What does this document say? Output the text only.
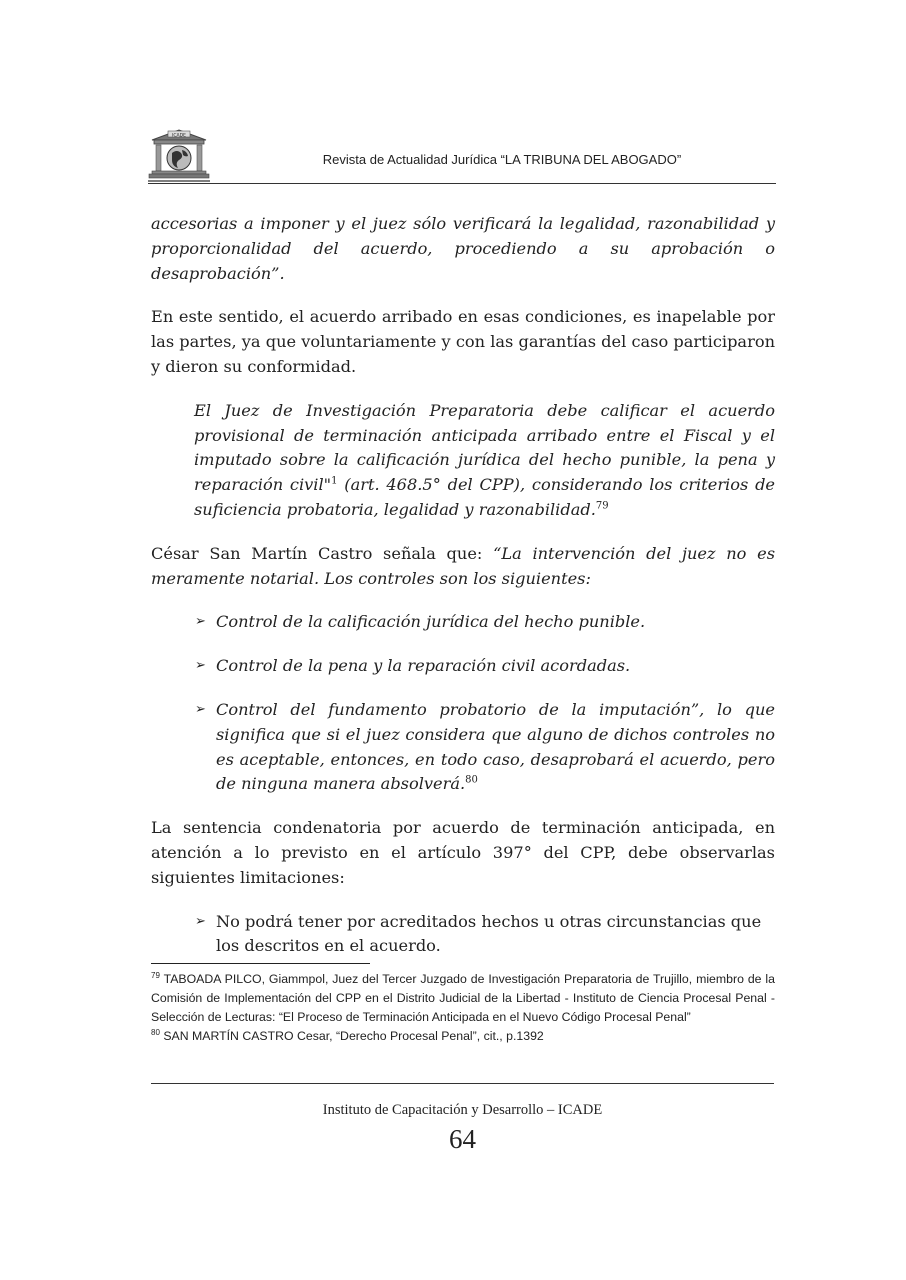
ICADE
Revista de Actualidad Jurídica “LA TRIBUNA DEL ABOGADO”

accesorias a imponer y el juez sólo verificará la legalidad, razonabilidad y proporcionalidad del acuerdo, procediendo a su aprobación o desaprobación”.

En este sentido, el acuerdo arribado en esas condiciones, es inapelable por las partes, ya que voluntariamente y con las garantías del caso participaron y dieron su conformidad.

El Juez de Investigación Preparatoria debe calificar el acuerdo provisional de terminación anticipada arribado entre el Fiscal y el imputado sobre la calificación jurídica del hecho punible, la pena y reparación civil"$^1$ (art. 468.5° del CPP), considerando los criterios de suficiencia probatoria, legalidad y razonabilidad.$^{79}$

César San Martín Castro señala que: “La intervención del juez no es meramente notarial. Los controles son los siguientes:

➢ Control de la calificación jurídica del hecho punible.
➢ Control de la pena y la reparación civil acordadas.
➢ Control del fundamento probatorio de la imputación”, lo que significa que si el juez considera que alguno de dichos controles no es aceptable, entonces, en todo caso, desaprobará el acuerdo, pero de ninguna manera absolverá.$^{80}$

La sentencia condenatoria por acuerdo de terminación anticipada, en atención a lo previsto en el artículo 397° del CPP, debe observarlas siguientes limitaciones:

➢ No podrá tener por acreditados hechos u otras circunstancias que los descritos en el acuerdo.

$^{79}$ TABOADA PILCO, Giammpol, Juez del Tercer Juzgado de Investigación Preparatoria de Trujillo, miembro de la Comisión de Implementación del CPP en el Distrito Judicial de la Libertad - Instituto de Ciencia Procesal Penal - Selección de Lecturas: “El Proceso de Terminación Anticipada en el Nuevo Código Procesal Penal”

$^{80}$ SAN MARTÍN CASTRO Cesar, “Derecho Procesal Penal”, cit., p.1392

Instituto de Capacitación y Desarrollo – ICADE
64
